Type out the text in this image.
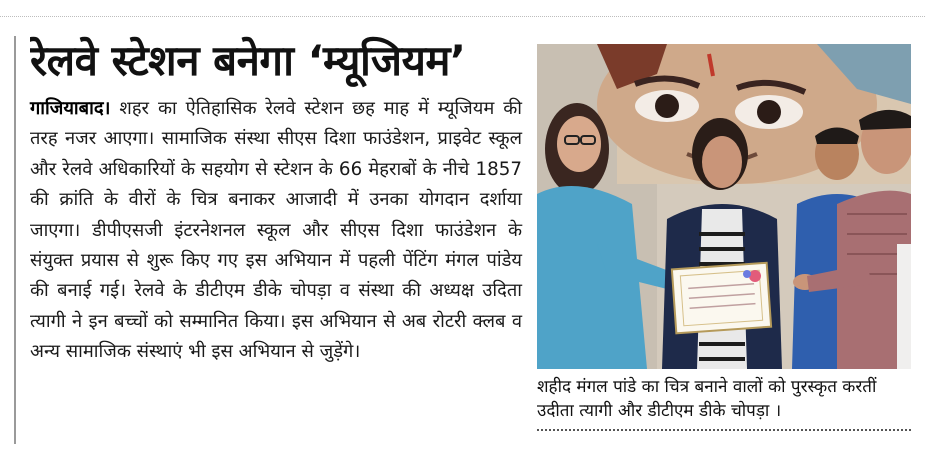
रेलवे स्टेशन बनेगा ‘म्यूजियम’

गाजियाबाद। शहर का ऐतिहासिक रेलवे स्टेशन छह माह में म्यूजियम की तरह नजर आएगा। सामाजिक संस्था सीएस दिशा फाउंडेशन, प्राइवेट स्कूल और रेलवे अधिकारियों के सहयोग से स्टेशन के 66 मेहराबों के नीचे 1857 की क्रांति के वीरों के चित्र बनाकर आजादी में उनका योगदान दर्शाया जाएगा। डीपीएसजी इंटरनेशनल स्कूल और सीएस दिशा फाउंडेशन के संयुक्त प्रयास से शुरू किए गए इस अभियान में पहली पेंटिंग मंगल पांडेय की बनाई गई। रेलवे के डीटीएम डीके चोपड़ा व संस्था की अध्यक्ष उदिता त्यागी ने इन बच्चों को सम्मानित किया। इस अभियान से अब रोटरी क्लब व अन्य सामाजिक संस्थाएं भी इस अभियान से जुड़ेंगे।

शहीद मंगल पांडे का चित्र बनाने वालों को पुरस्कृत करतीं उदीता त्यागी और डीटीएम डीके चोपड़ा ।
